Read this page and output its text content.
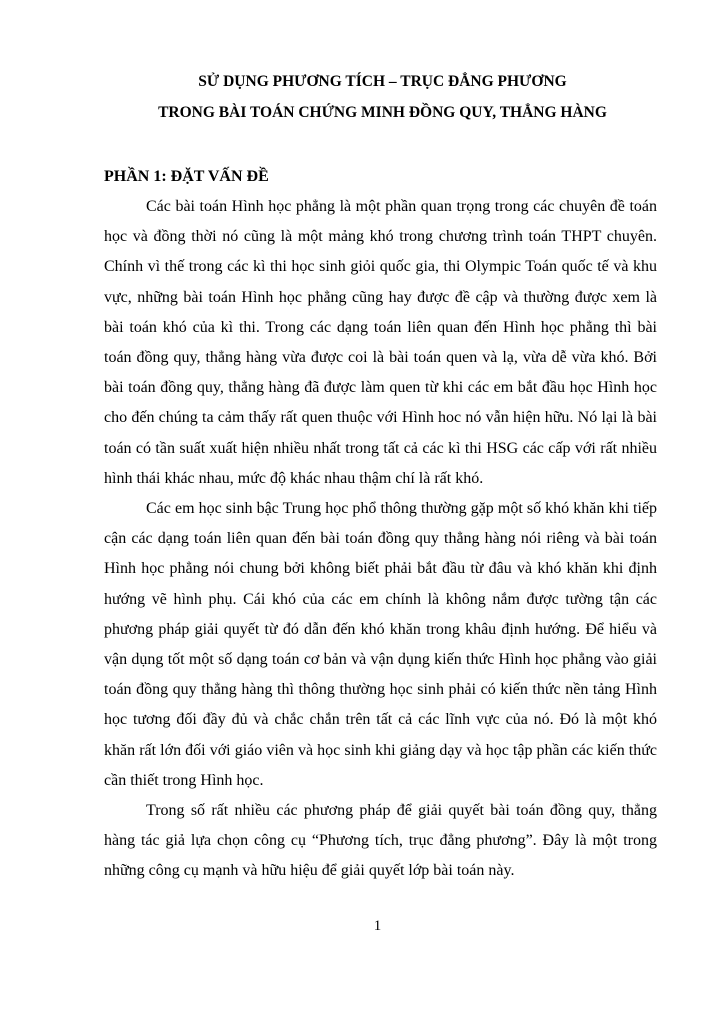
SỬ DỤNG PHƯƠNG TÍCH – TRỤC ĐẲNG PHƯƠNG
TRONG BÀI TOÁN CHỨNG MINH ĐỒNG QUY, THẲNG HÀNG
PHẦN 1: ĐẶT VẤN ĐỀ

Các bài toán Hình học phẳng là một phần quan trọng trong các chuyên đề toán học và đồng thời nó cũng là một mảng khó trong chương trình toán THPT chuyên. Chính vì thế trong các kì thi học sinh giỏi quốc gia, thi Olympic Toán quốc tế và khu vực, những bài toán Hình học phẳng cũng hay được đề cập và thường được xem là bài toán khó của kì thi. Trong các dạng toán liên quan đến Hình học phẳng thì bài toán đồng quy, thẳng hàng vừa được coi là bài toán quen và lạ, vừa dễ vừa khó. Bởi bài toán đồng quy, thẳng hàng đã được làm quen từ khi các em bắt đầu học Hình học cho đến chúng ta cảm thấy rất quen thuộc với Hình hoc nó vẫn hiện hữu. Nó lại là bài toán có tần suất xuất hiện nhiều nhất trong tất cả các kì thi HSG các cấp với rất nhiều hình thái khác nhau, mức độ khác nhau thậm chí là rất khó.

Các em học sinh bậc Trung học phổ thông thường gặp một số khó khăn khi tiếp cận các dạng toán liên quan đến bài toán đồng quy thẳng hàng nói riêng và bài toán Hình học phẳng nói chung bởi không biết phải bắt đầu từ đâu và khó khăn khi định hướng vẽ hình phụ. Cái khó của các em chính là không nắm được tường tận các phương pháp giải quyết từ đó dẫn đến khó khăn trong khâu định hướng. Để hiểu và vận dụng tốt một số dạng toán cơ bản và vận dụng kiến thức Hình học phẳng vào giải toán đồng quy thẳng hàng thì thông thường học sinh phải có kiến thức nền tảng Hình học tương đối đầy đủ và chắc chắn trên tất cả các lĩnh vực của nó. Đó là một khó khăn rất lớn đối với giáo viên và học sinh khi giảng dạy và học tập phần các kiến thức cần thiết trong Hình học.

Trong số rất nhiều các phương pháp để giải quyết bài toán đồng quy, thẳng hàng tác giả lựa chọn công cụ “Phương tích, trục đẳng phương”. Đây là một trong những công cụ mạnh và hữu hiệu để giải quyết lớp bài toán này.

1
